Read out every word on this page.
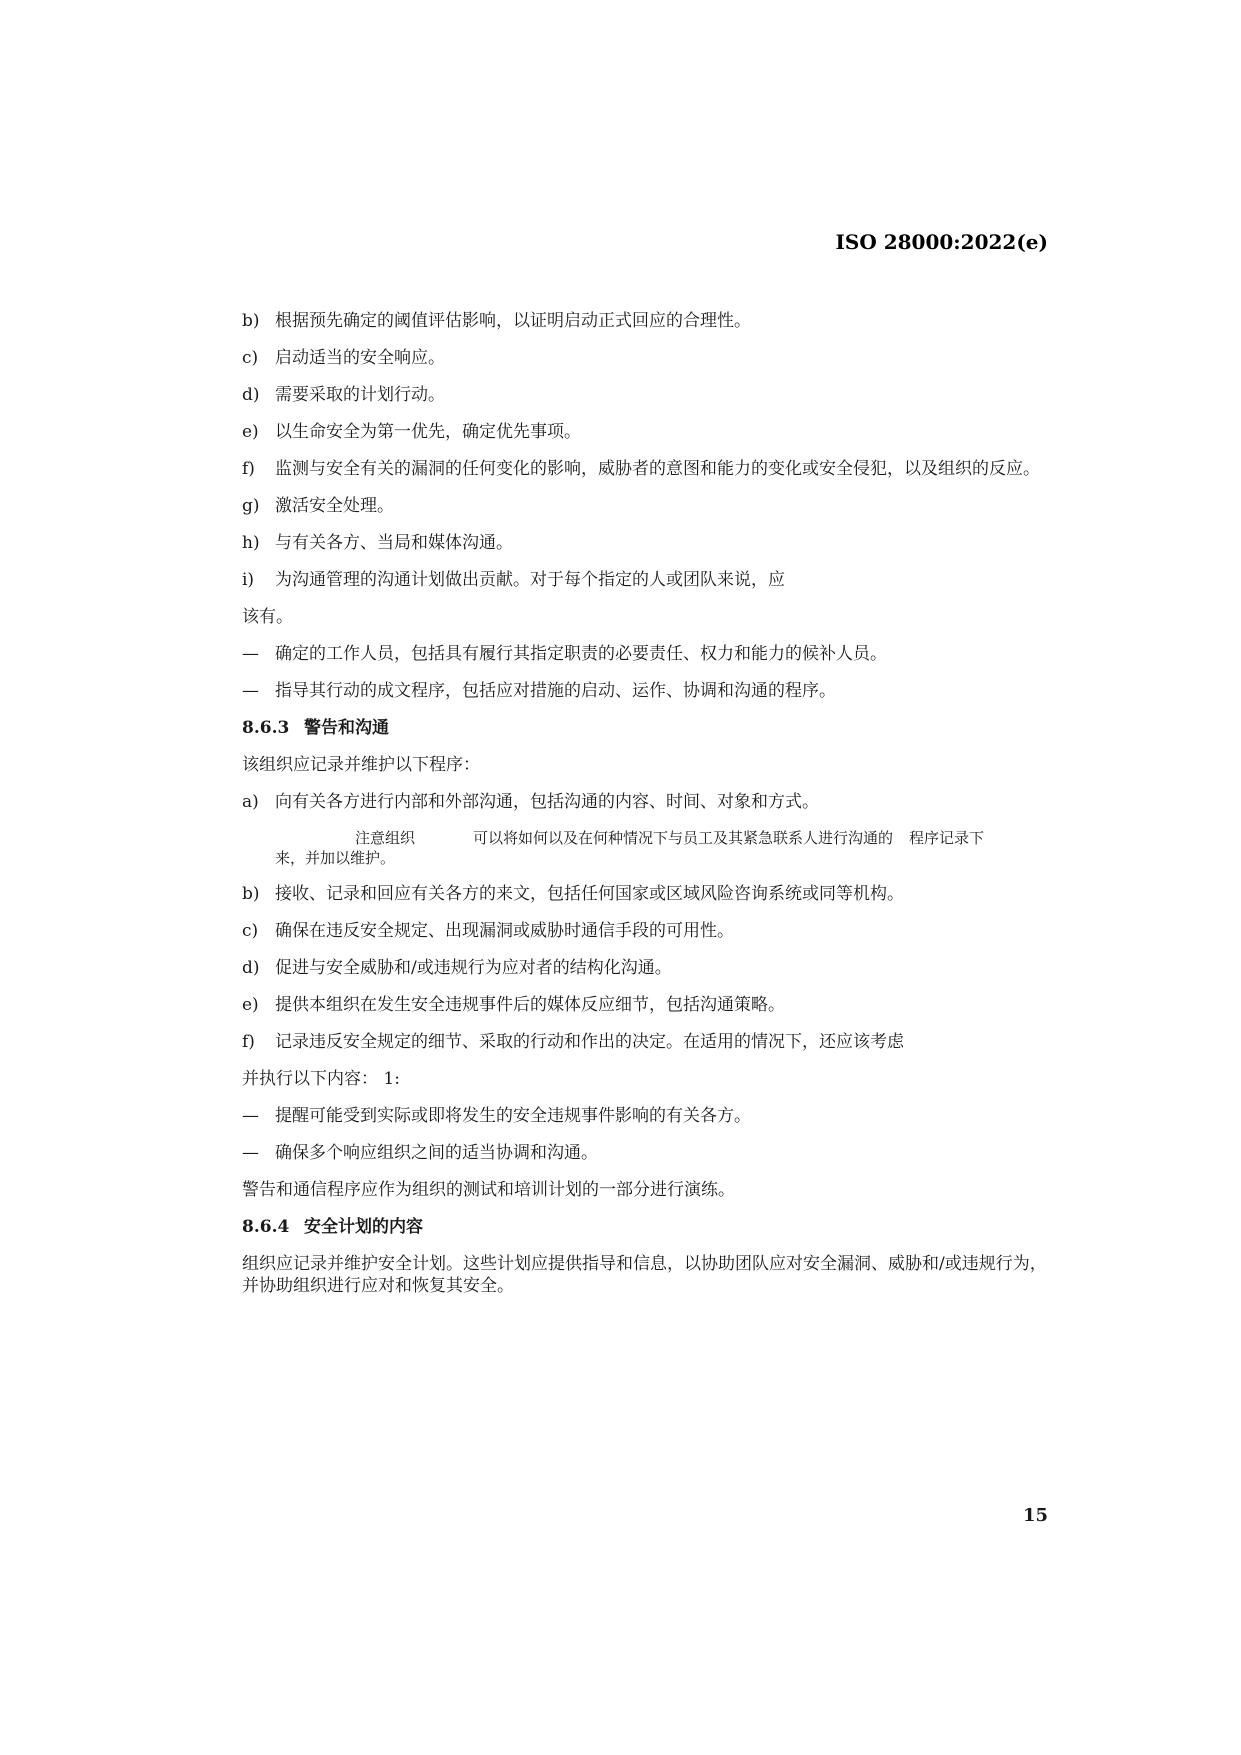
ISO 28000:2022(e)
b) 根据预先确定的阈值评估影响，以证明启动正式回应的合理性。
c) 启动适当的安全响应。
d) 需要采取的计划行动。
e) 以生命安全为第一优先，确定优先事项。
f)	监测与安全有关的漏洞的任何变化的影响，威胁者的意图和能力的变化或安全侵犯，以及组织的反应。
g) 激活安全处理。
h) 与有关各方、当局和媒体沟通。
i)	为沟通管理的沟通计划做出贡献。对于每个指定的人或团队来说，应
该有。
— 确定的工作人员，包括具有履行其指定职责的必要责任、权力和能力的候补人员。
— 指导其行动的成文程序，包括应对措施的启动、运作、协调和沟通的程序。
8.6.3 警告和沟通
该组织应记录并维护以下程序：
a) 向有关各方进行内部和外部沟通，包括沟通的内容、时间、对象和方式。
注意组织	可以将如何以及在何种情况下与员工及其紧急联系人进行沟通的 程序记录下
来，并加以维护。
b) 接收、记录和回应有关各方的来文，包括任何国家或区域风险咨询系统或同等机构。
c) 确保在违反安全规定、出现漏洞或威胁时通信手段的可用性。
d) 促进与安全威胁和/或违规行为应对者的结构化沟通。
e) 提供本组织在发生安全违规事件后的媒体反应细节，包括沟通策略。
f)	记录违反安全规定的细节、采取的行动和作出的决定。在适用的情况下，还应该考虑
并执行以下内容： 1:
— 提醒可能受到实际或即将发生的安全违规事件影响的有关各方。
— 确保多个响应组织之间的适当协调和沟通。
警告和通信程序应作为组织的测试和培训计划的一部分进行演练。
8.6.4 安全计划的内容
组织应记录并维护安全计划。这些计划应提供指导和信息，以协助团队应对安全漏洞、威胁和/或违规行为，并协助组织进行应对和恢复其安全。
15
